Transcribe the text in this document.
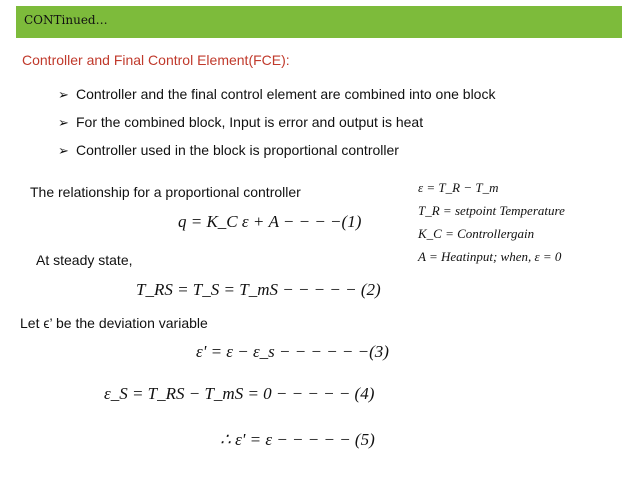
CONTinued…
Controller and Final Control Element(FCE):
➢ Controller and the final control element are combined into one block
➢ For the combined block, Input is error and output is heat
➢ Controller used in the block is proportional controller
The relationship for a proportional controller	ε = T_R − T_m
T_R = setpoint Temperature
K_C = Controllergain
A = Heatinput; when, ε = 0
q = K_C ε + A − − − −(1)
At steady state,
T_RS = T_S = T_mS − − − − − (2)
Let ϵ’ be the deviation variable
ε' = ε − ε_s − − − − − −(3)
ε_S = T_RS − T_mS = 0 − − − − − (4)
∴ ε' = ε − − − − − (5)
